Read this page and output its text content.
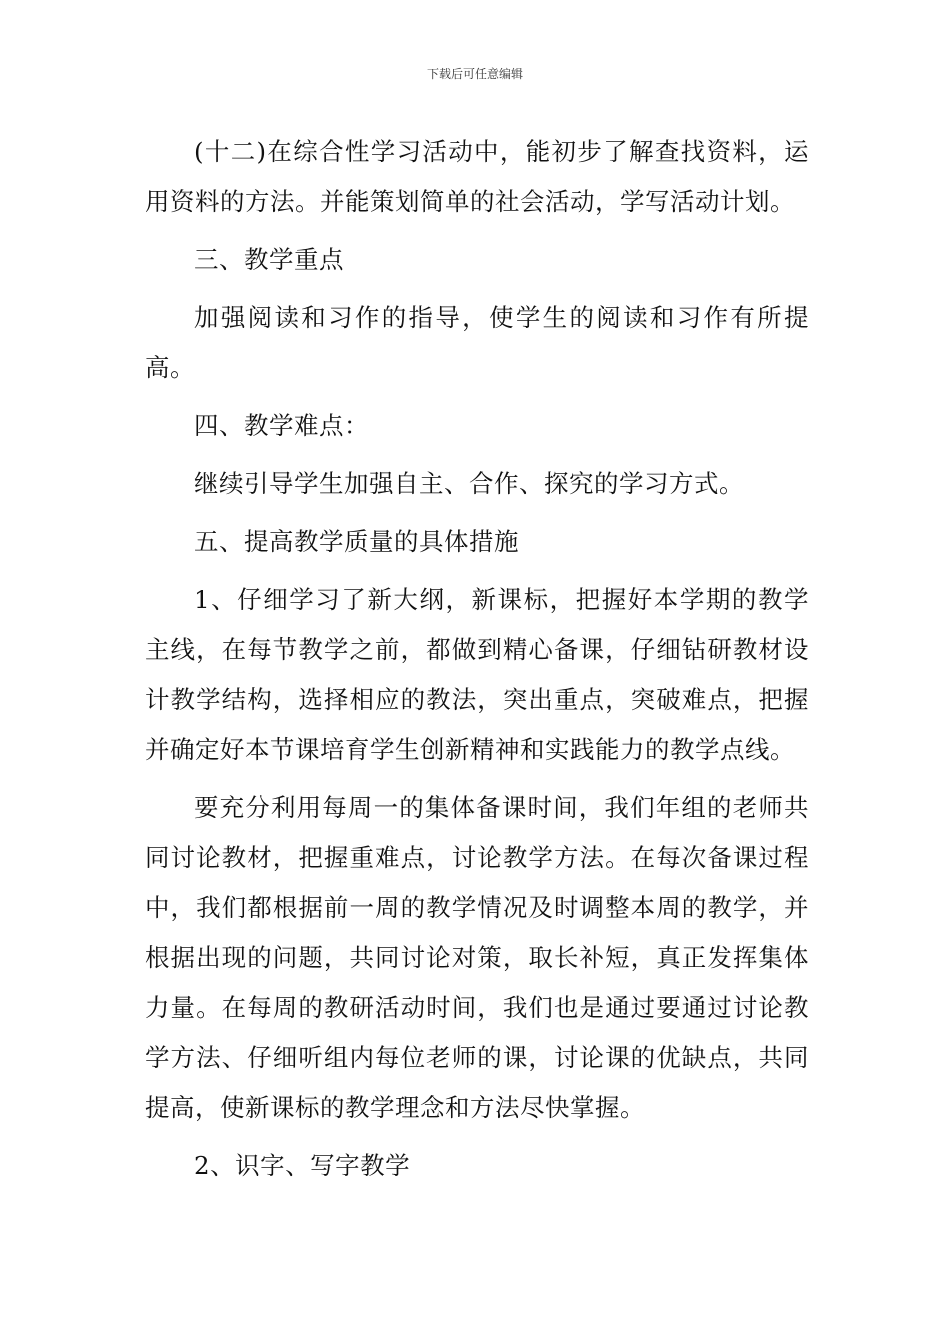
下载后可任意编辑

(十二)在综合性学习活动中，能初步了解查找资料，运用资料的方法。并能策划简单的社会活动，学写活动计划。

三、教学重点

加强阅读和习作的指导，使学生的阅读和习作有所提高。

四、教学难点：

继续引导学生加强自主、合作、探究的学习方式。

五、提高教学质量的具体措施

1、仔细学习了新大纲，新课标，把握好本学期的教学主线，在每节教学之前，都做到精心备课，仔细钻研教材设计教学结构，选择相应的教法，突出重点，突破难点，把握并确定好本节课培育学生创新精神和实践能力的教学点线。

要充分利用每周一的集体备课时间，我们年组的老师共同讨论教材，把握重难点，讨论教学方法。在每次备课过程中，我们都根据前一周的教学情况及时调整本周的教学，并根据出现的问题，共同讨论对策，取长补短，真正发挥集体力量。在每周的教研活动时间，我们也是通过要通过讨论教学方法、仔细听组内每位老师的课，讨论课的优缺点，共同提高，使新课标的教学理念和方法尽快掌握。

2、识字、写字教学
